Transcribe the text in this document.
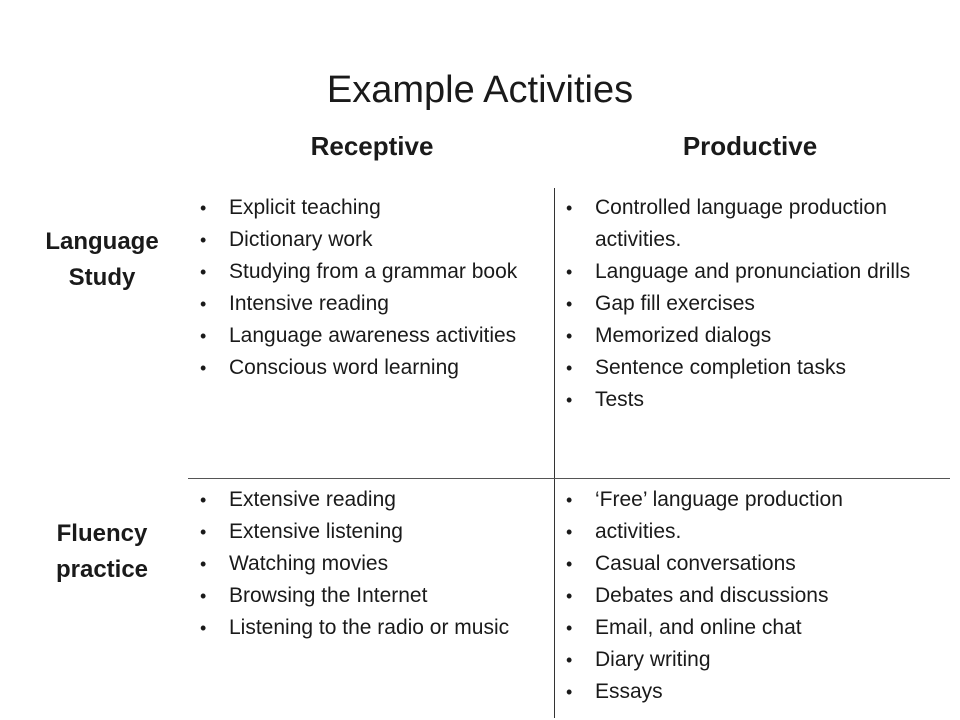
Example Activities
Receptive	Productive
Language
Study
Fluency
practice
• Explicit teaching
• Dictionary work
• Studying from a grammar book
• Intensive reading
• Language awareness activities
• Conscious word learning
• Controlled language production activities.
• Language and pronunciation drills
• Gap fill exercises
• Memorized dialogs
• Sentence completion tasks
• Tests
• Extensive reading
• Extensive listening
• Watching movies
• Browsing the Internet
• Listening to the radio or music
• ‘Free’ language production
• activities.
• Casual conversations
• Debates and discussions
• Email, and online chat
• Diary writing
• Essays
